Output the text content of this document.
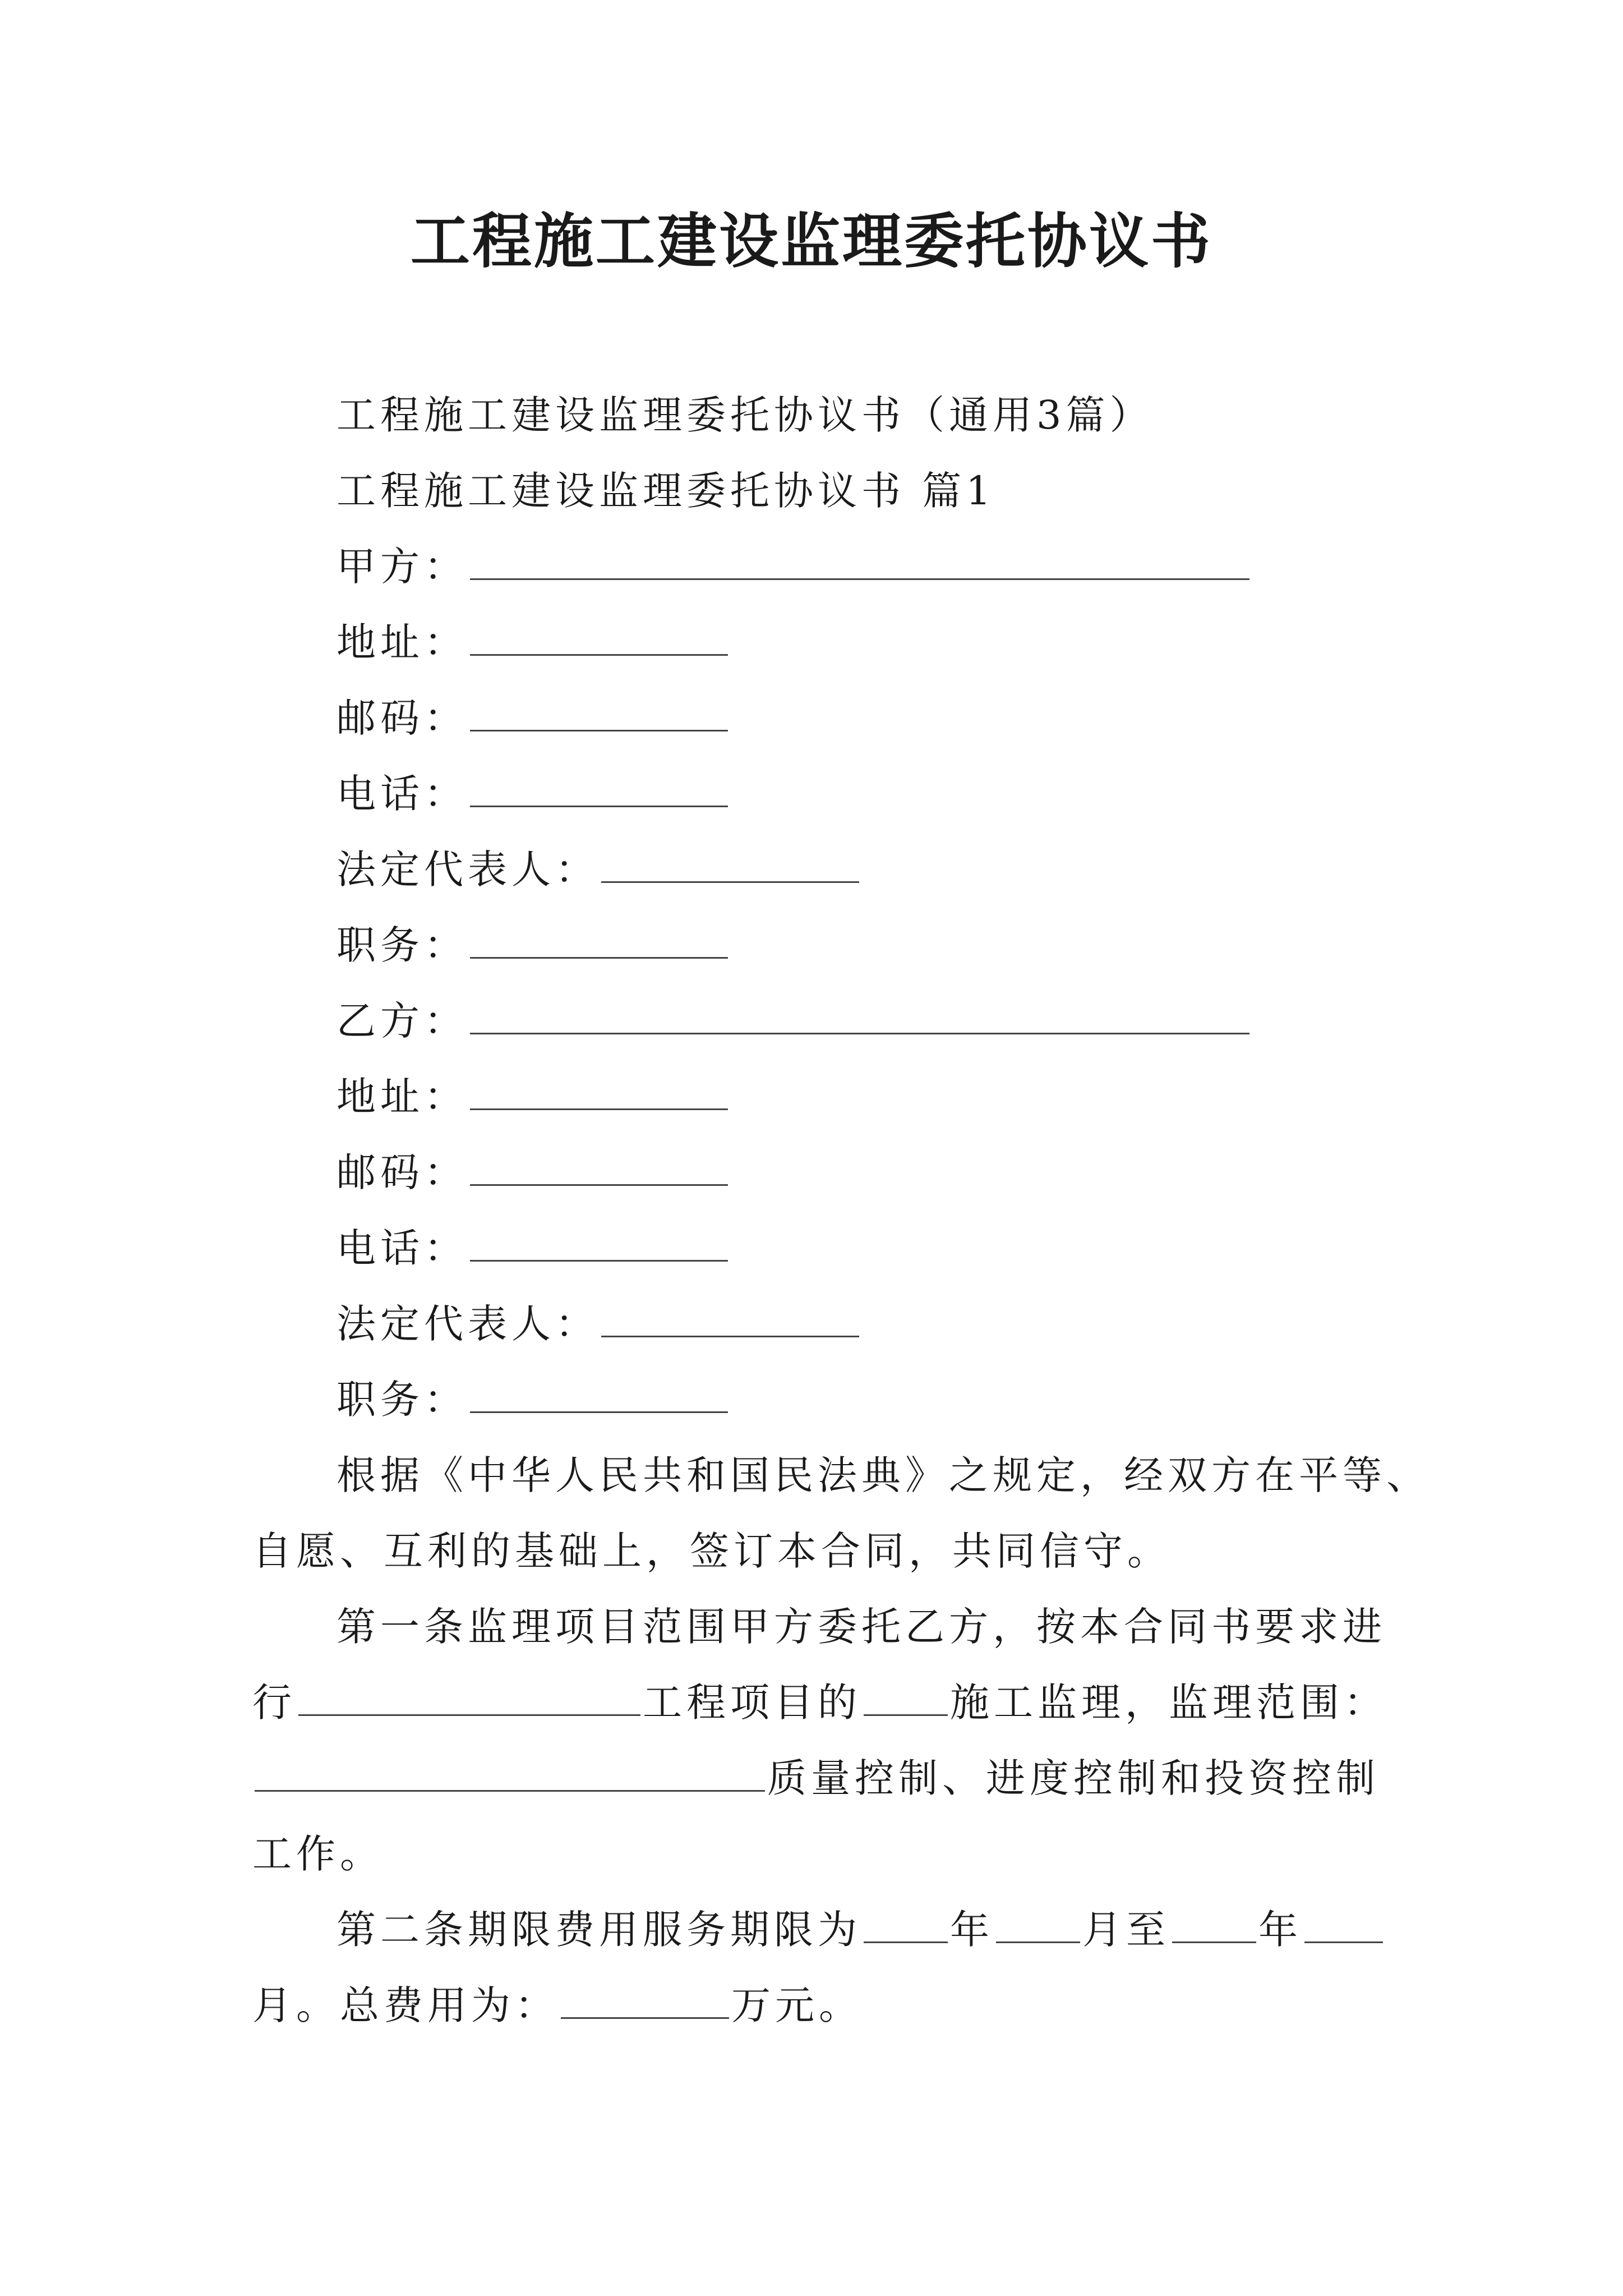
工程施工建设监理委托协议书
工程施工建设监理委托协议书（通用3篇）
工程施工建设监理委托协议书 篇1
甲方：
地址：
邮码：
电话：
法定代表人：
职务：
乙方：
地址：
邮码：
电话：
法定代表人：
职务：
根据《中华人民共和国民法典》之规定，经双方在平等、
自愿、互利的基础上，签订本合同，共同信守。
第一条监理项目范围甲方委托乙方，按本合同书要求进
行	工程项目的 施工监理，监理范围：
质量控制、进度控制和投资控制
工作。
第二条期限费用服务期限为 年 月至 年
月。总费用为：	万元。
